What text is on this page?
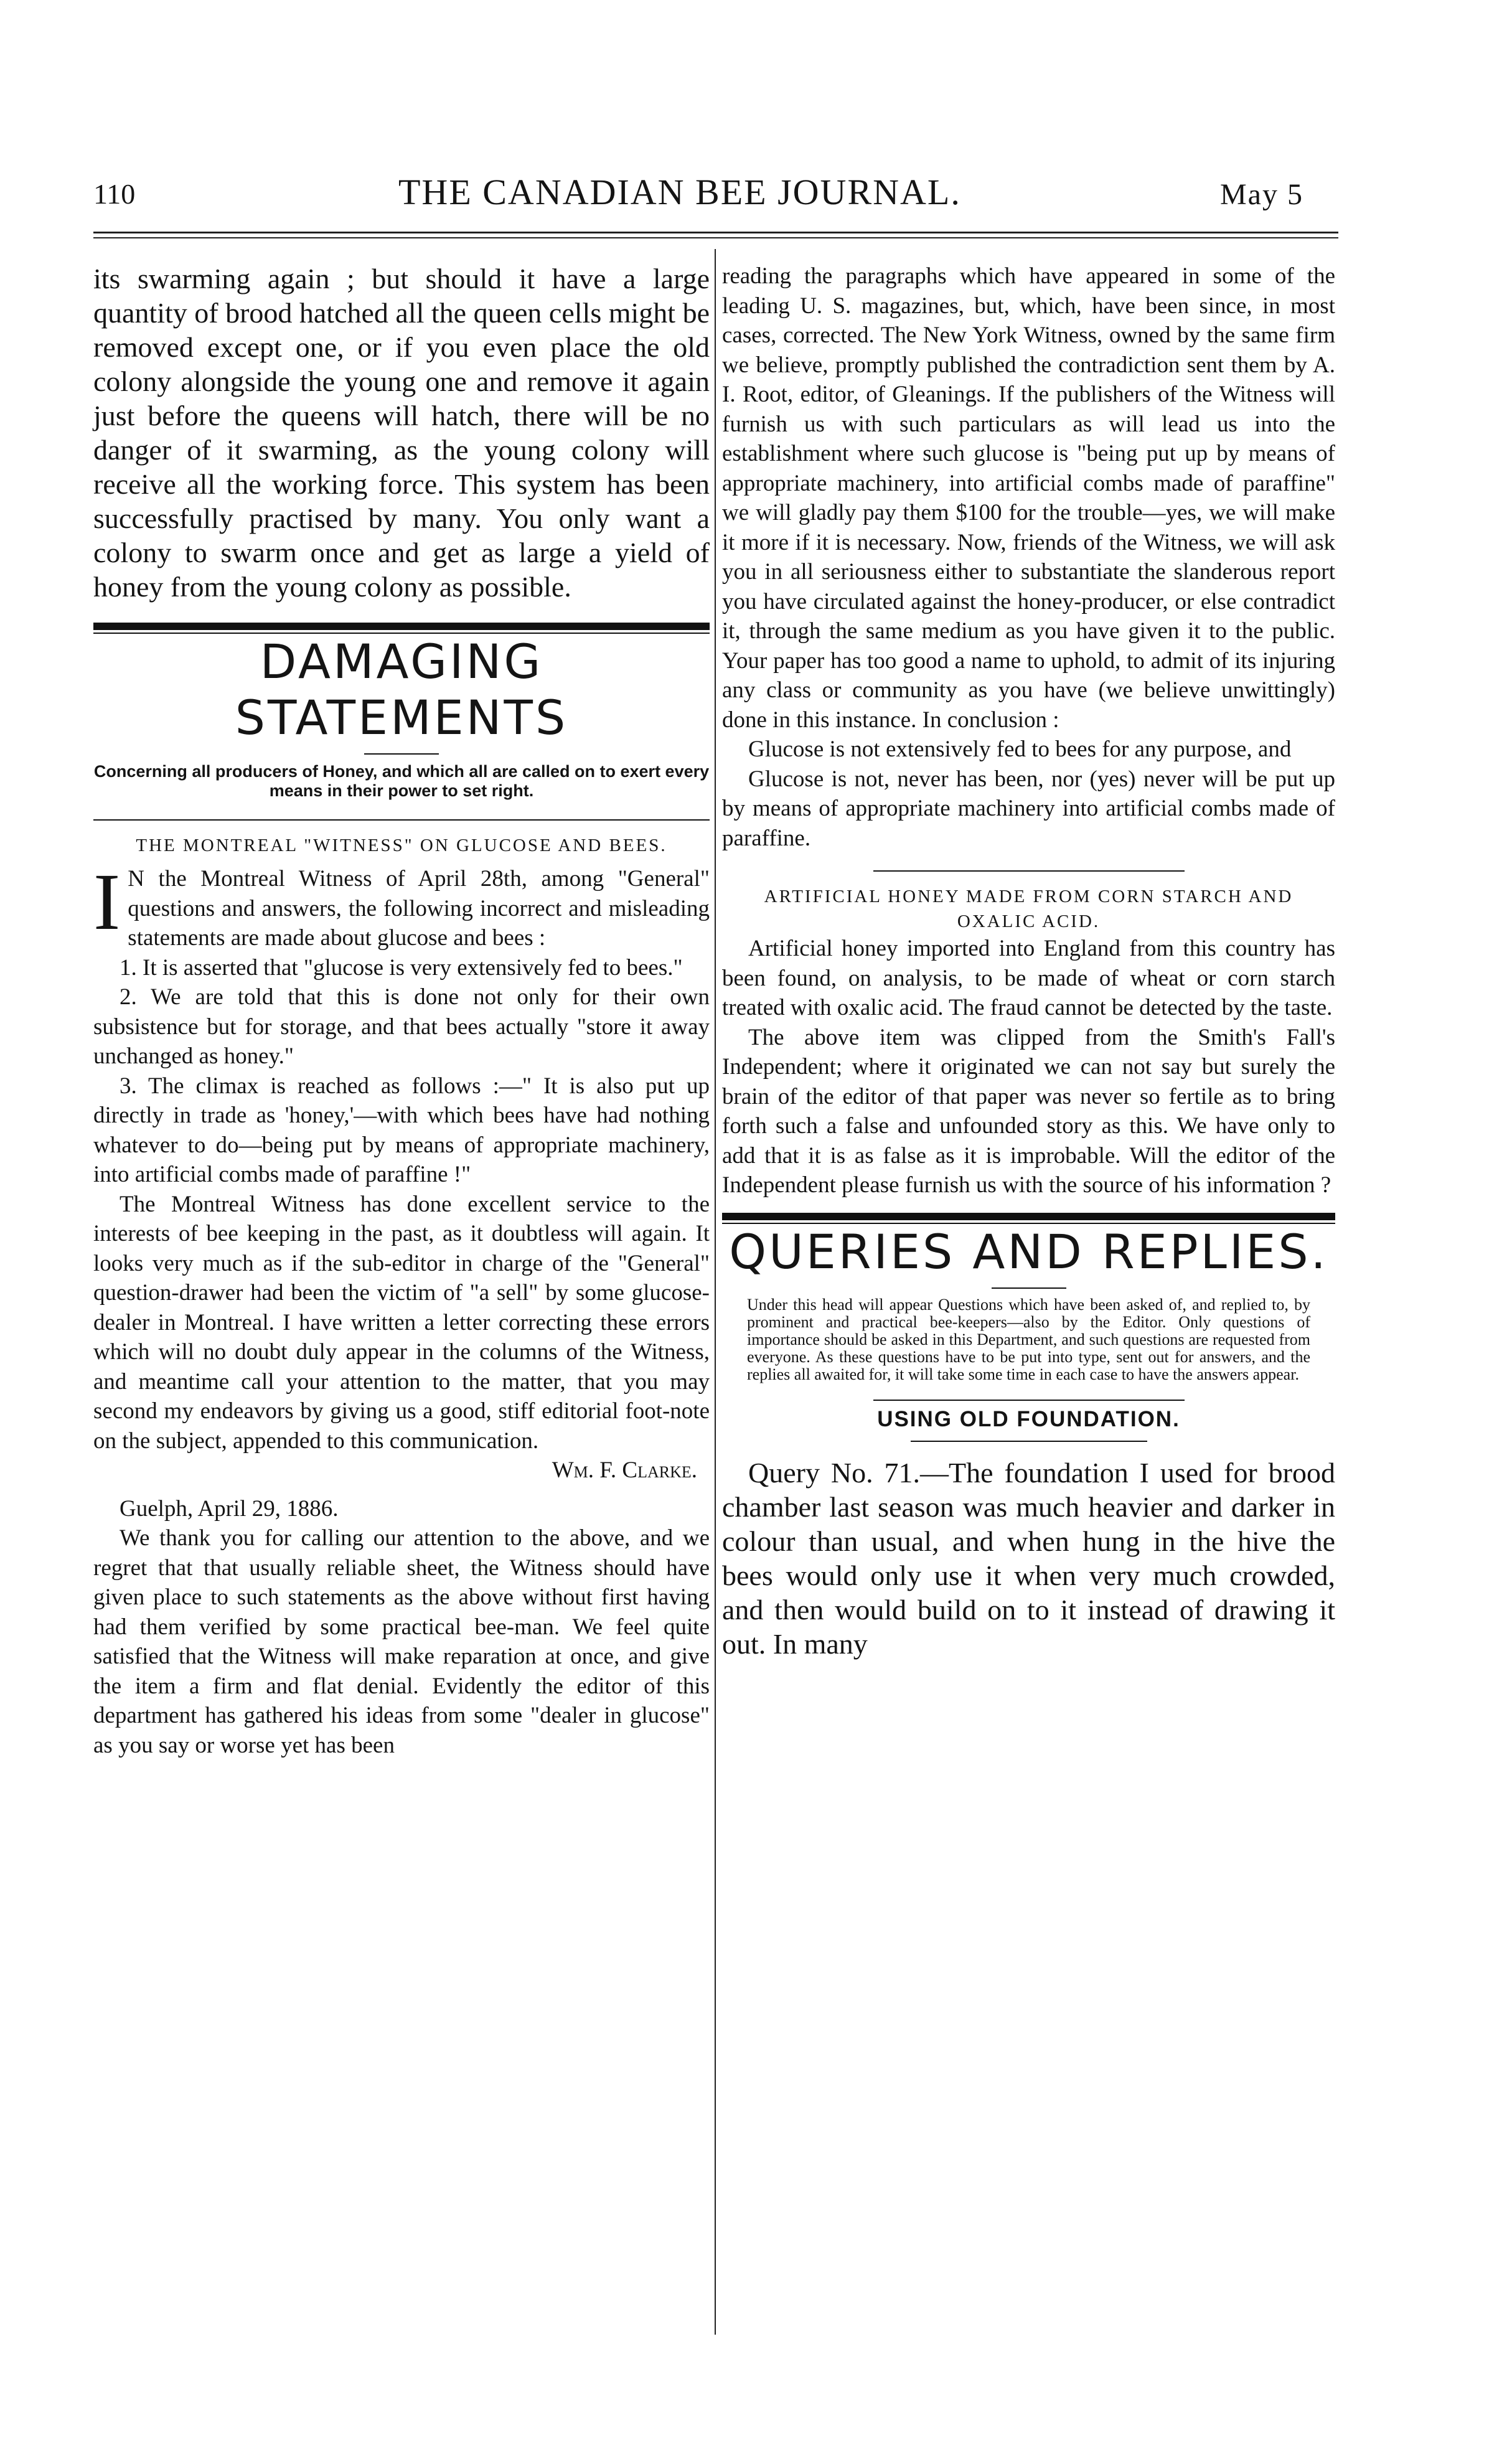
110	THE CANADIAN BEE JOURNAL.	May 5

its swarming again ; but should it have a large quantity of brood hatched all the queen cells might be removed except one, or if you even place the old colony alongside the young one and remove it again just before the queens will hatch, there will be no danger of it swarming, as the young colony will receive all the working force. This system has been successfully practised by many. You only want a colony to swarm once and get as large a yield of honey from the young colony as possible.

DAMAGING STATEMENTS

Concerning all producers of Honey, and which all are called on to exert every means in their power to set right.

THE MONTREAL "WITNESS" ON GLUCOSE AND BEES.

I N the Montreal Witness of April 28th, among "General" questions and answers, the following incorrect and misleading statements are made about glucose and bees :

1. It is asserted that "glucose is very extensively fed to bees."

2. We are told that this is done not only for their own subsistence but for storage, and that bees actually "store it away unchanged as honey."

3. The climax is reached as follows :—" It is also put up directly in trade as 'honey,'—with which bees have had nothing whatever to do—being put by means of appropriate machinery, into artificial combs made of paraffine !"

The Montreal Witness has done excellent service to the interests of bee keeping in the past, as it doubtless will again. It looks very much as if the sub-editor in charge of the "General" question-drawer had been the victim of "a sell" by some glucose-dealer in Montreal. I have written a letter correcting these errors which will no doubt duly appear in the columns of the Witness, and meantime call your attention to the matter, that you may second my endeavors by giving us a good, stiff editorial foot-note on the subject, appended to this communication.

Wm. F. Clarke.

Guelph, April 29, 1886.

We thank you for calling our attention to the above, and we regret that that usually reliable sheet, the Witness should have given place to such statements as the above without first having had them verified by some practical bee-man. We feel quite satisfied that the Witness will make reparation at once, and give the item a firm and flat denial. Evidently the editor of this department has gathered his ideas from some "dealer in glucose" as you say or worse yet has been

reading the paragraphs which have appeared in some of the leading U. S. magazines, but, which, have been since, in most cases, corrected. The New York Witness, owned by the same firm we believe, promptly published the contradiction sent them by A. I. Root, editor, of Gleanings. If the publishers of the Witness will furnish us with such particulars as will lead us into the establishment where such glucose is "being put up by means of appropriate machinery, into artificial combs made of paraffine" we will gladly pay them $100 for the trouble—yes, we will make it more if it is necessary. Now, friends of the Witness, we will ask you in all seriousness either to substantiate the slanderous report you have circulated against the honey-producer, or else contradict it, through the same medium as you have given it to the public. Your paper has too good a name to uphold, to admit of its injuring any class or community as you have (we believe unwittingly) done in this instance. In conclusion :

Glucose is not extensively fed to bees for any purpose, and

Glucose is not, never has been, nor (yes) never will be put up by means of appropriate machinery into artificial combs made of paraffine.

ARTIFICIAL HONEY MADE FROM CORN STARCH AND OXALIC ACID.

Artificial honey imported into England from this country has been found, on analysis, to be made of wheat or corn starch treated with oxalic acid. The fraud cannot be detected by the taste.

The above item was clipped from the Smith's Fall's Independent; where it originated we can not say but surely the brain of the editor of that paper was never so fertile as to bring forth such a false and unfounded story as this. We have only to add that it is as false as it is improbable. Will the editor of the Independent please furnish us with the source of his information ?

QUERIES AND REPLIES.

Under this head will appear Questions which have been asked of, and replied to, by prominent and practical bee-keepers—also by the Editor. Only questions of importance should be asked in this Department, and such questions are requested from everyone. As these questions have to be put into type, sent out for answers, and the replies all awaited for, it will take some time in each case to have the answers appear.

USING OLD FOUNDATION.

Query No. 71.—The foundation I used for brood chamber last season was much heavier and darker in colour than usual, and when hung in the hive the bees would only use it when very much crowded, and then would build on to it instead of drawing it out. In many
